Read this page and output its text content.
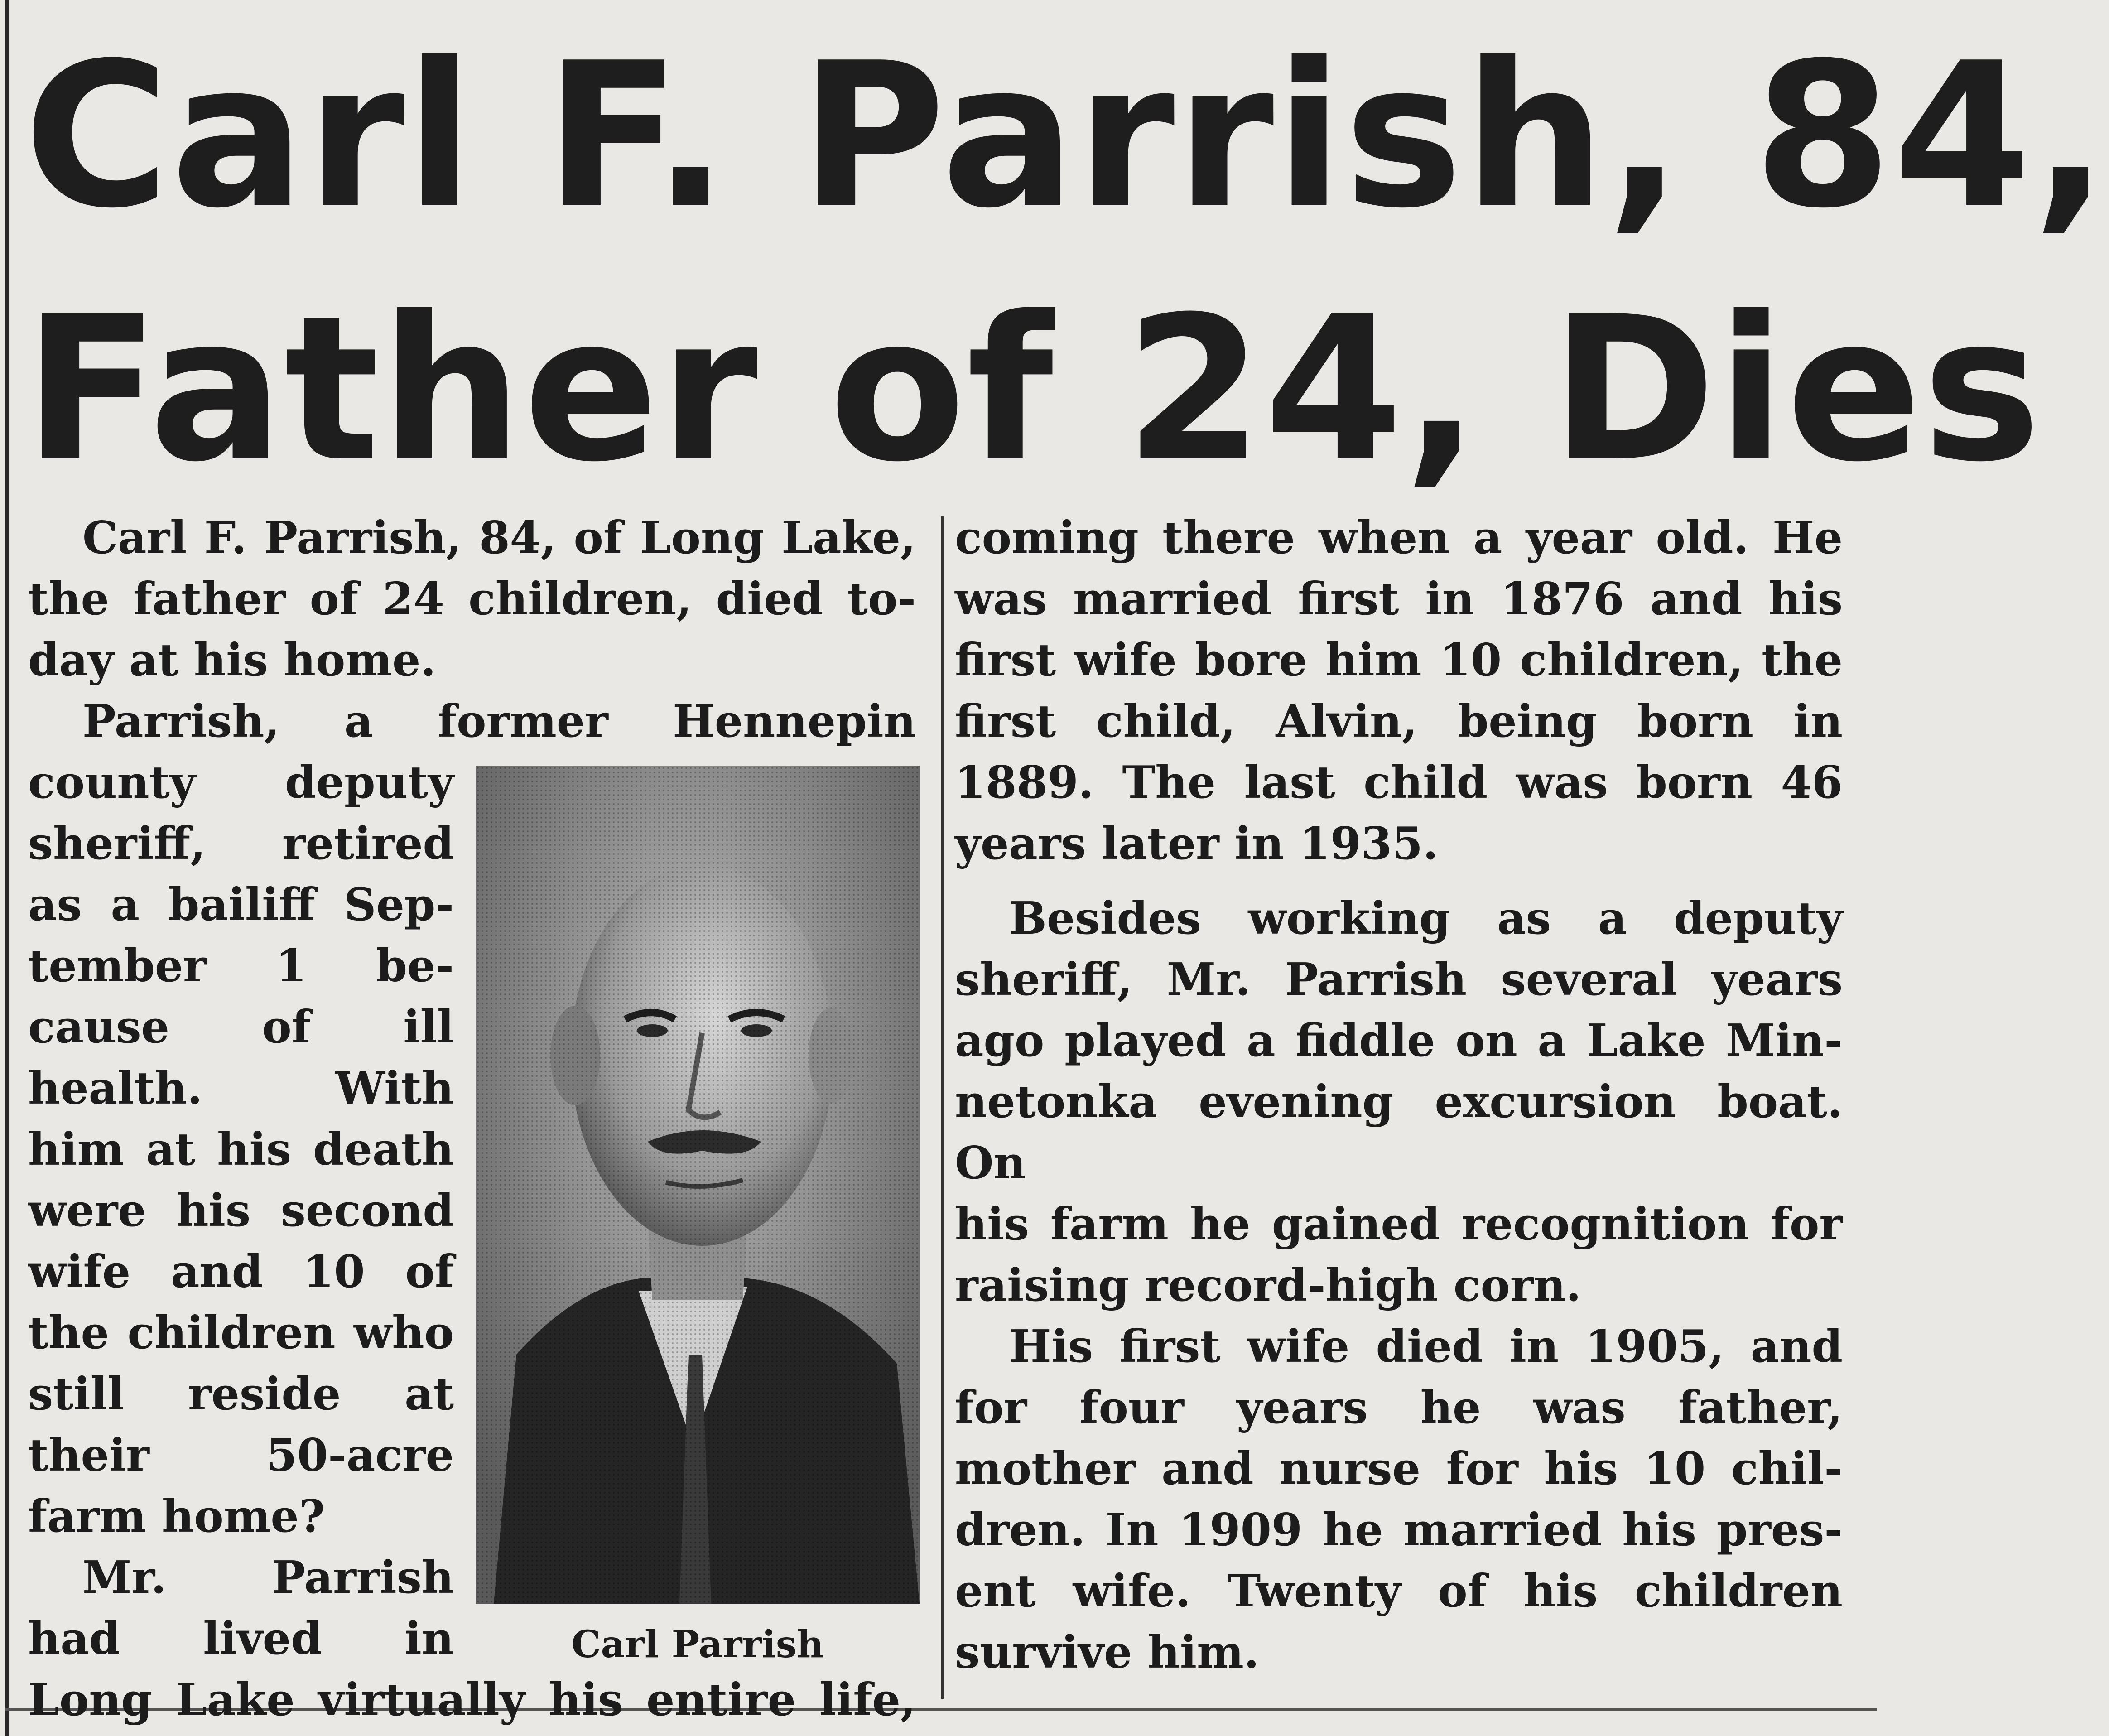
Carl F. Parrish, 84,
Father of 24, Dies

Carl F. Parrish, 84, of Long Lake,

the father of 24 children, died to-

day at his home.

Parrish, a former Hennepin

county deputy

sheriff, retired

as a bailiff Sep-

tember 1 be-

cause of ill

health. With

him at his death

were his second

wife and 10 of

the children who

still reside at

their 50-acre

farm home?

Mr. Parrish

had lived in

Long Lake virtually his entire life,

Carl Parrish

coming there when a year old. He

was married first in 1876 and his

first wife bore him 10 children, the

first child, Alvin, being born in

1889. The last child was born 46

years later in 1935.

Besides working as a deputy

sheriff, Mr. Parrish several years

ago played a fiddle on a Lake Min-

netonka evening excursion boat. On

his farm he gained recognition for

raising record-high corn.

His first wife died in 1905, and

for four years he was father,

mother and nurse for his 10 chil-

dren. In 1909 he married his pres-

ent wife. Twenty of his children

survive him.
